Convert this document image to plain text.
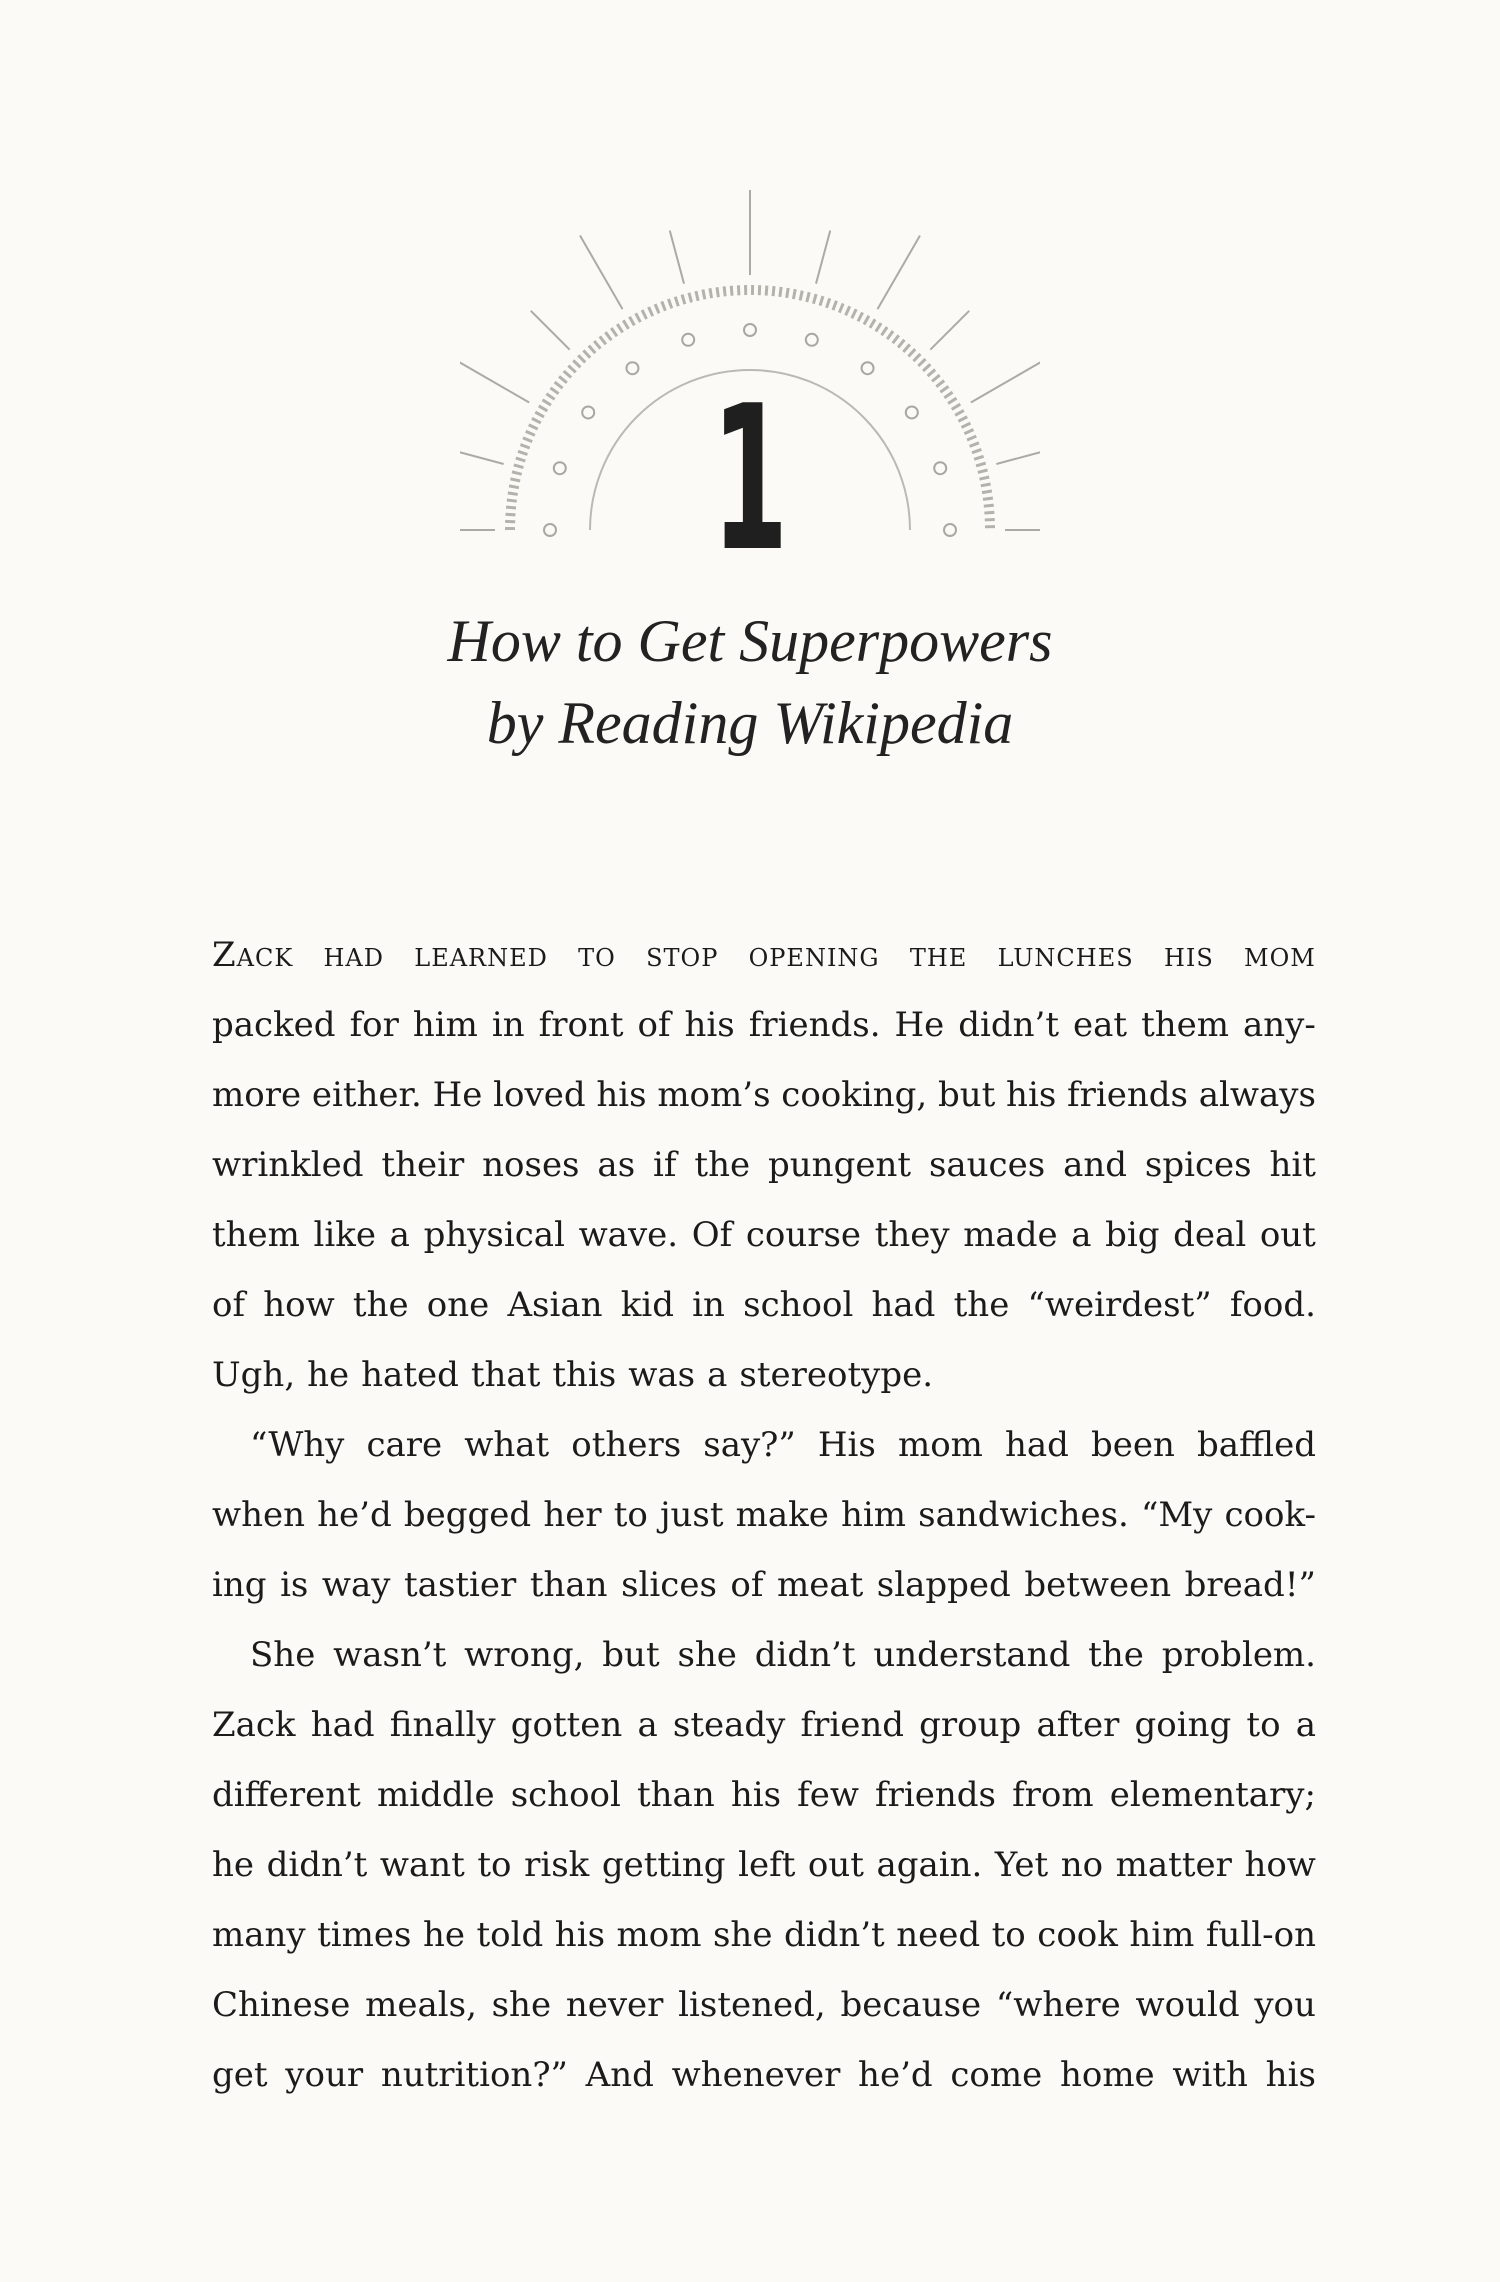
1
How to Get Superpowers
by Reading Wikipedia
Zack had learned to stop opening the lunches his mom
packed for him in front of his friends. He didn’t eat them any-
more either. He loved his mom’s cooking, but his friends always
wrinkled their noses as if the pungent sauces and spices hit
them like a physical wave. Of course they made a big deal out
of how the one Asian kid in school had the “weirdest” food.
Ugh, he hated that this was a stereotype.
“Why care what others say?” His mom had been baffled
when he’d begged her to just make him sandwiches. “My cook-
ing is way tastier than slices of meat slapped between bread!”
She wasn’t wrong, but she didn’t understand the problem.
Zack had finally gotten a steady friend group after going to a
different middle school than his few friends from elementary;
he didn’t want to risk getting left out again. Yet no matter how
many times he told his mom she didn’t need to cook him full-on
Chinese meals, she never listened, because “where would you
get your nutrition?” And whenever he’d come home with his
